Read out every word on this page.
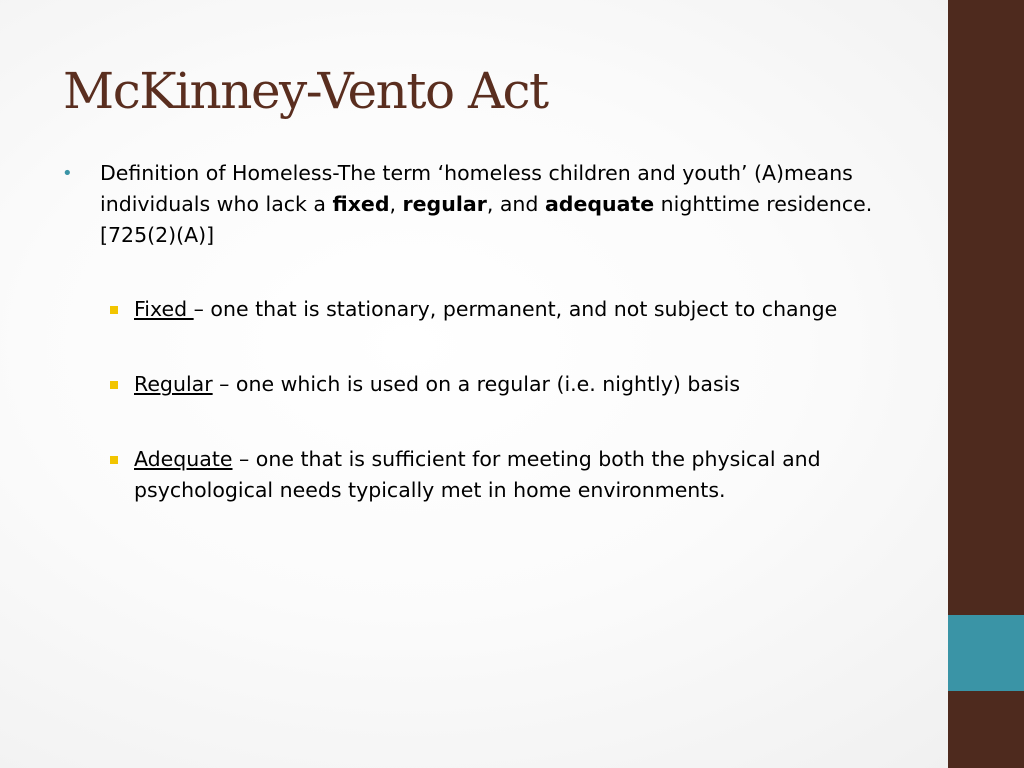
McKinney-Vento Act
• Definition of Homeless-The term ‘homeless children and youth’ (A)means individuals who lack a fixed, regular, and adequate nighttime residence. [725(2)(A)]
Fixed – one that is stationary, permanent, and not subject to change
Regular – one which is used on a regular (i.e. nightly) basis
Adequate – one that is sufficient for meeting both the physical and psychological needs typically met in home environments.
